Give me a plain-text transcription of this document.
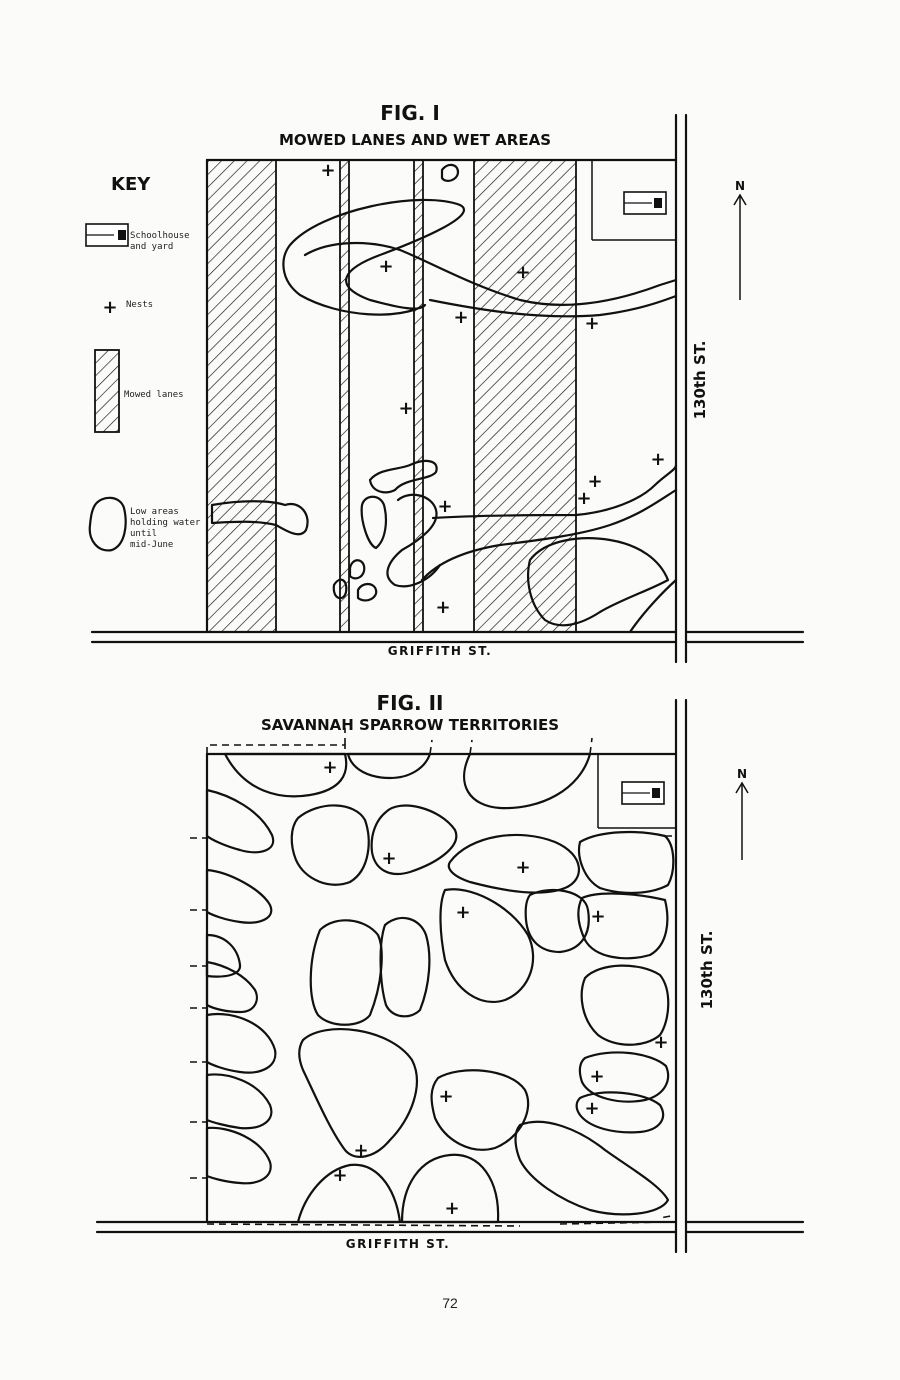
FIG. I
MOWED LANES AND WET AREAS
+
+	+
+	+
+
+
+
+
+
+
GRIFFITH ST.
130th ST.
N
KEY
Schoolhouse
and yard
+ Nests
Mowed lanes
Low areas
holding water
until
mid-June
FIG. II
SAVANNAH SPARROW TERRITORIES
+
+	+
+	+
+
+
+
+
+
+
+
GRIFFITH ST.
130th ST.
N
72
